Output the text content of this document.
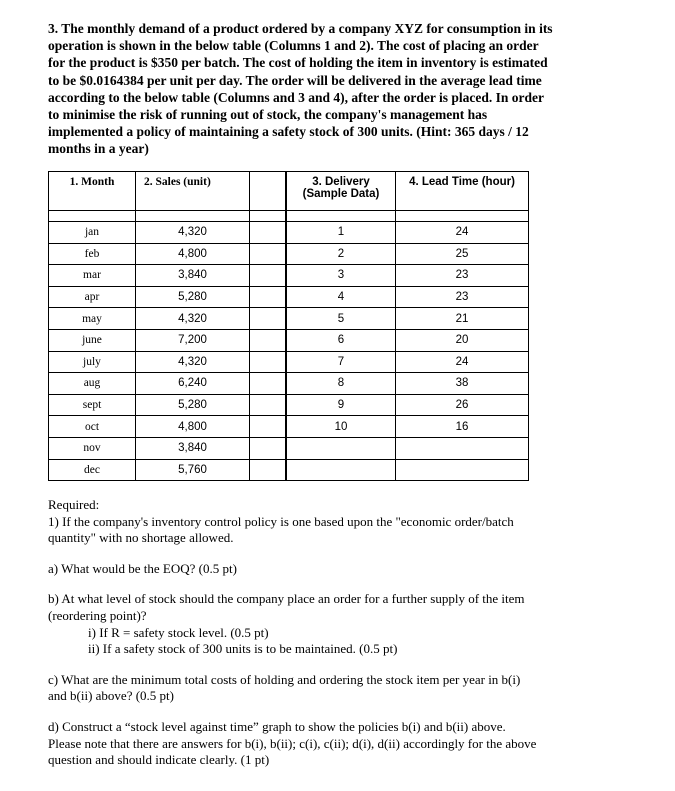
3. The monthly demand of a product ordered by a company XYZ for consumption in its
operation is shown in the below table (Columns 1 and 2). The cost of placing an order
for the product is $350 per batch. The cost of holding the item in inventory is estimated
to be $0.0164384 per unit per day. The order will be delivered in the average lead time
according to the below table (Columns and 3 and 4), after the order is placed. In order
to minimise the risk of running out of stock, the company's management has
implemented a policy of maintaining a safety stock of 300 units. (Hint: 365 days / 12
months in a year)
1. Month	2. Sales (unit)		3. Delivery
(Sample Data)	4. Lead Time (hour)

jan	4,320		1	24
feb	4,800		2	25
mar	3,840		3	23
apr	5,280		4	23
may	4,320		5	21
june	7,200		6	20
july	4,320		7	24
aug	6,240		8	38
sept	5,280		9	26
oct	4,800		10	16
nov	3,840			
dec	5,760			

Required:

1) If the company's inventory control policy is one based upon the "economic order/batch
quantity" with no shortage allowed.

a) What would be the EOQ? (0.5 pt)

b) At what level of stock should the company place an order for a further supply of the item
(reordering point)?

i) If R = safety stock level. (0.5 pt)

ii) If a safety stock of 300 units is to be maintained. (0.5 pt)

c) What are the minimum total costs of holding and ordering the stock item per year in b(i)
and b(ii) above? (0.5 pt)

d) Construct a “stock level against time” graph to show the policies b(i) and b(ii) above.
Please note that there are answers for b(i), b(ii); c(i), c(ii); d(i), d(ii) accordingly for the above
question and should indicate clearly. (1 pt)
